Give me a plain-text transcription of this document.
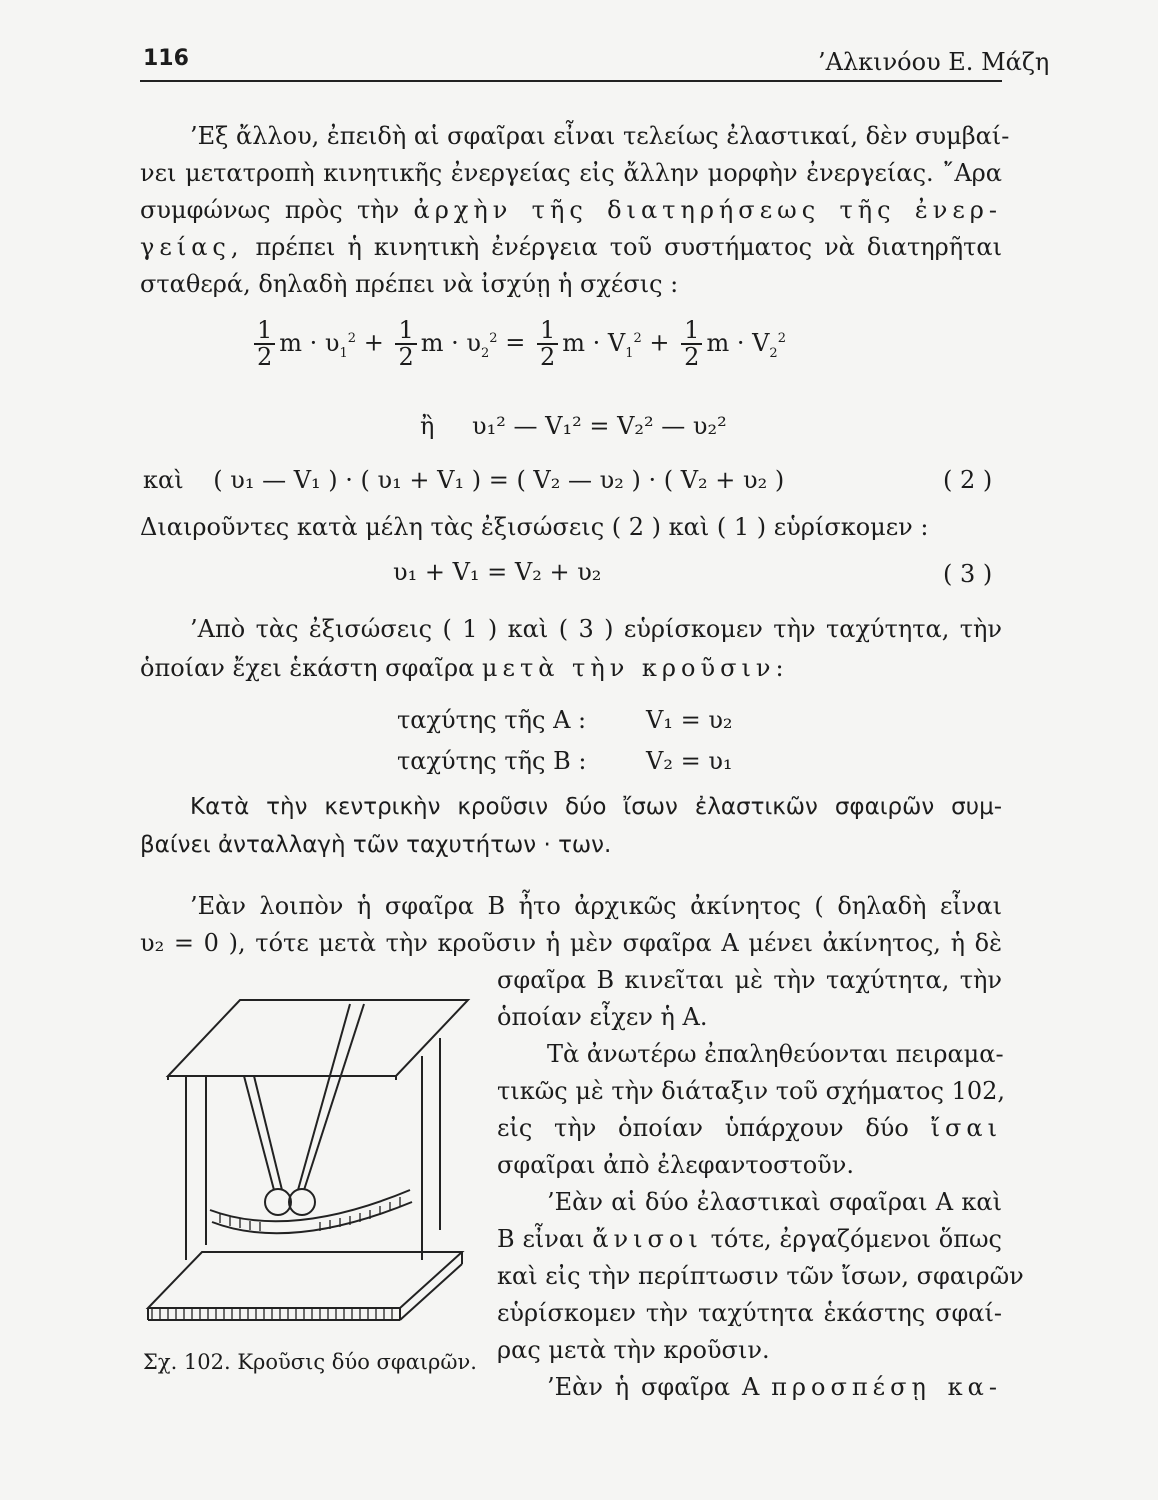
116	’Αλκινόου Ε. Μάζη
’Εξ ἄλλου, ἐπειδὴ αἱ σφαῖραι εἶναι τελείως ἐλαστικαί, δὲν συμβαί-
νει μετατροπὴ κινητικῆς ἐνεργείας εἰς ἄλλην μορφὴν ἐνεργείας. ῎Αρα
συμφώνως πρὸς τὴν ἀρχὴν τῆς διατηρήσεως τῆς ἐνερ-
γείας, πρέπει ἡ κινητικὴ ἐνέργεια τοῦ συστήματος νὰ διατηρῆται
σταθερά, δηλαδὴ πρέπει νὰ ἰσχύῃ ἡ σχέσις :
$\frac{1}{2}$ $m \cdot \upsilon_1^2 + \frac{1}{2}$ $m \cdot \upsilon_2^2 = \frac{1}{2}$ $m \cdot V_1^2 + \frac{1}{2}$ $m \cdot V_2^2$
ἢ υ₁² — V₁² = V₂² — υ₂²
καὶ ( υ₁ — V₁ ) · ( υ₁ + V₁ ) = ( V₂ — υ₂ ) · ( V₂ + υ₂ )	( 2 )
Διαιροῦντες κατὰ μέλη τὰς ἐξισώσεις ( 2 ) καὶ ( 1 ) εὑρίσκομεν :
υ₁ + V₁ = V₂ + υ₂	( 3 )
’Απὸ τὰς ἐξισώσεις ( 1 ) καὶ ( 3 ) εὑρίσκομεν τὴν ταχύτητα, τὴν
ὁποίαν ἔχει ἑκάστη σφαῖρα μετὰ τὴν κροῦσιν:
ταχύτης τῆς Α : V₁ = υ₂
ταχύτης τῆς Β : V₂ = υ₁
Κατὰ τὴν κεντρικὴν κροῦσιν δύο ἴσων ἐλαστικῶν σφαιρῶν συμ-
βαίνει ἀνταλλαγὴ τῶν ταχυτήτων · των.
’Εὰν λοιπὸν ἡ σφαῖρα Β ἦτο ἀρχικῶς ἀκίνητος ( δηλαδὴ εἶναι
υ₂ = 0 ), τότε μετὰ τὴν κροῦσιν ἡ μὲν σφαῖρα Α μένει ἀκίνητος, ἡ δὲ
σφαῖρα Β κινεῖται μὲ τὴν ταχύτητα, τὴν
ὁποίαν εἶχεν ἡ Α.
Τὰ ἀνωτέρω ἐπαληθεύονται πειραμα-
τικῶς μὲ τὴν διάταξιν τοῦ σχήματος 102,
εἰς τὴν ὁποίαν ὑπάρχουν δύο ἴσαι
σφαῖραι ἀπὸ ἐλεφαντοστοῦν.
’Εὰν αἱ δύο ἐλαστικαὶ σφαῖραι Α καὶ
Β εἶναι ἄνισοι τότε, ἐργαζόμενοι ὅπως
καὶ εἰς τὴν περίπτωσιν τῶν ἴσων, σφαιρῶν
εὑρίσκομεν τὴν ταχύτητα ἑκάστης σφαί-
ρας μετὰ τὴν κροῦσιν.
’Εὰν ἡ σφαῖρα Α προσπέσῃ κα-
Σχ. 102. Κροῦσις δύο σφαιρῶν.
